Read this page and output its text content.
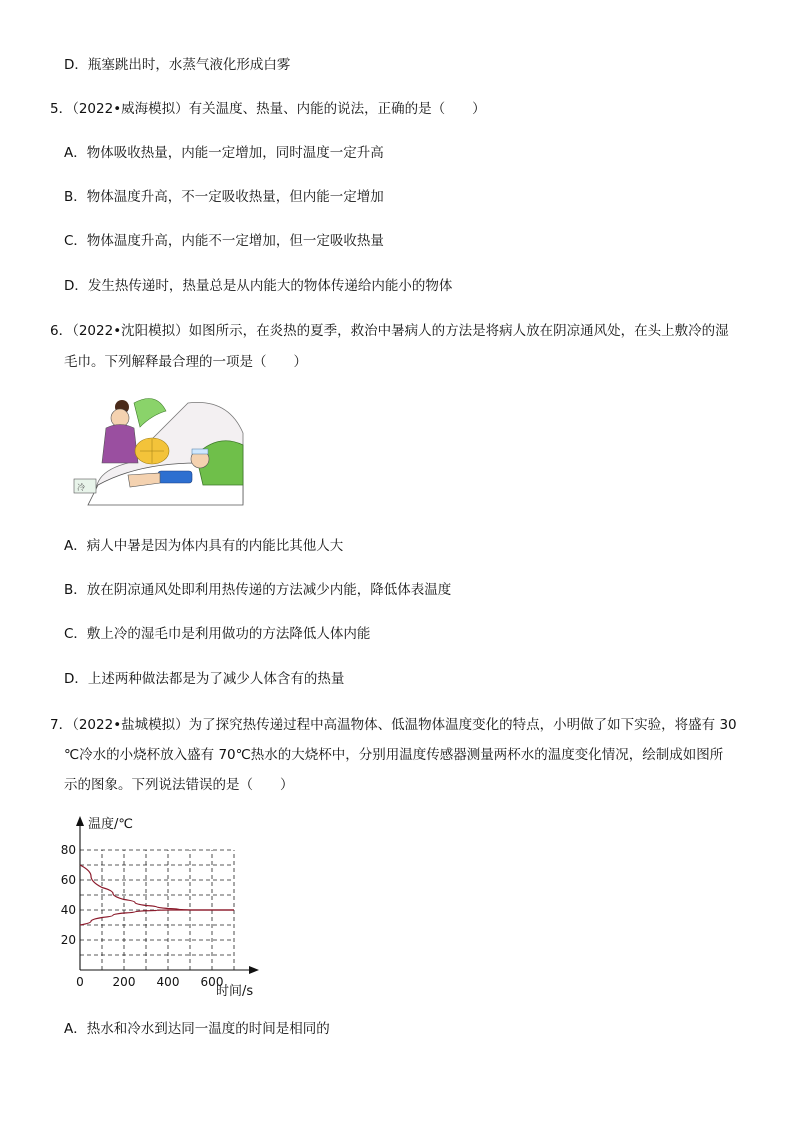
D．瓶塞跳出时，水蒸气液化形成白雾
5．（2022•威海模拟）有关温度、热量、内能的说法，正确的是（　　）
A．物体吸收热量，内能一定增加，同时温度一定升高
B．物体温度升高，不一定吸收热量，但内能一定增加
C．物体温度升高，内能不一定增加，但一定吸收热量
D．发生热传递时，热量总是从内能大的物体传递给内能小的物体
6．（2022•沈阳模拟）如图所示，在炎热的夏季，救治中暑病人的方法是将病人放在阴凉通风处，在头上敷冷的湿
毛巾。下列解释最合理的一项是（　　）
冷
A．病人中暑是因为体内具有的内能比其他人大
B．放在阴凉通风处即利用热传递的方法减少内能，降低体表温度
C．敷上冷的湿毛巾是利用做功的方法降低人体内能
D．上述两种做法都是为了减少人体含有的热量
7．（2022•盐城模拟）为了探究热传递过程中高温物体、低温物体温度变化的特点，小明做了如下实验，将盛有 30
℃冷水的小烧杯放入盛有 70℃热水的大烧杯中，分别用温度传感器测量两杯水的温度变化情况，绘制成如图所
示的图象。下列说法错误的是（　　）
0 200 400 600
20
40
60
80
温度/℃
时间/s
A．热水和冷水到达同一温度的时间是相同的
